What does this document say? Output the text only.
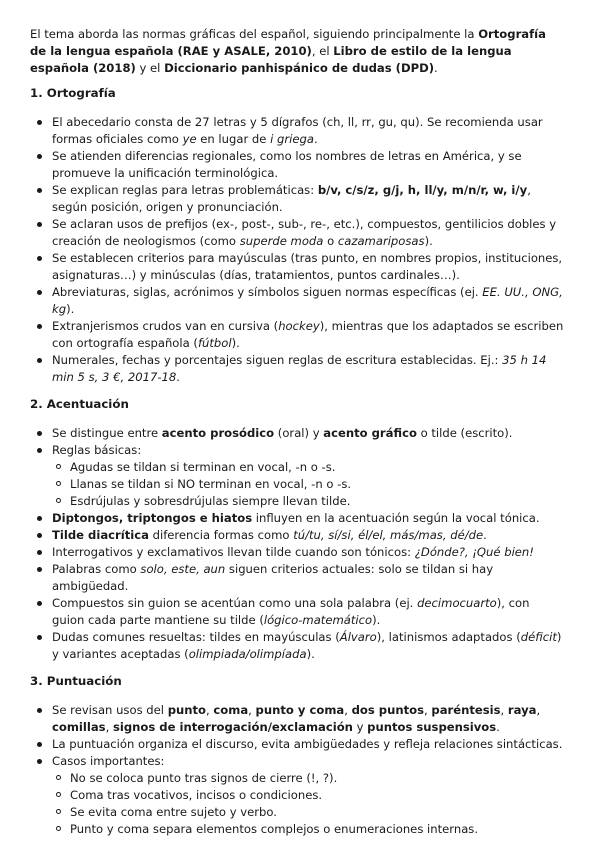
El tema aborda las normas gráficas del español, siguiendo principalmente la Ortografía de la lengua española (RAE y ASALE, 2010), el Libro de estilo de la lengua española (2018) y el Diccionario panhispánico de dudas (DPD).

1. Ortografía
El abecedario consta de 27 letras y 5 dígrafos (ch, ll, rr, gu, qu). Se recomienda usar formas oficiales como ye en lugar de i griega.
Se atienden diferencias regionales, como los nombres de letras en América, y se promueve la unificación terminológica.
Se explican reglas para letras problemáticas: b/v, c/s/z, g/j, h, ll/y, m/n/r, w, i/y, según posición, origen y pronunciación.
Se aclaran usos de prefijos (ex-, post-, sub-, re-, etc.), compuestos, gentilicios dobles y creación de neologismos (como superde moda o cazamariposas).
Se establecen criterios para mayúsculas (tras punto, en nombres propios, instituciones, asignaturas…) y minúsculas (días, tratamientos, puntos cardinales…).
Abreviaturas, siglas, acrónimos y símbolos siguen normas específicas (ej. EE. UU., ONG, kg).
Extranjerismos crudos van en cursiva (hockey), mientras que los adaptados se escriben con ortografía española (fútbol).
Numerales, fechas y porcentajes siguen reglas de escritura establecidas. Ej.: 35 h 14 min 5 s, 3 €, 2017-18.
2. Acentuación
Se distingue entre acento prosódico (oral) y acento gráfico o tilde (escrito).
Reglas básicas:
Agudas se tildan si terminan en vocal, -n o -s.
Llanas se tildan si NO terminan en vocal, -n o -s.
Esdrújulas y sobresdrújulas siempre llevan tilde.
Diptongos, triptongos e hiatos influyen en la acentuación según la vocal tónica.
Tilde diacrítica diferencia formas como tú/tu, sí/si, él/el, más/mas, dé/de.
Interrogativos y exclamativos llevan tilde cuando son tónicos: ¿Dónde?, ¡Qué bien!
Palabras como solo, este, aun siguen criterios actuales: solo se tildan si hay ambigüedad.
Compuestos sin guion se acentúan como una sola palabra (ej. decimocuarto), con guion cada parte mantiene su tilde (lógico-matemático).
Dudas comunes resueltas: tildes en mayúsculas (Álvaro), latinismos adaptados (déficit) y variantes aceptadas (olimpiada/olimpíada).
3. Puntuación
Se revisan usos del punto, coma, punto y coma, dos puntos, paréntesis, raya, comillas, signos de interrogación/exclamación y puntos suspensivos.
La puntuación organiza el discurso, evita ambigüedades y refleja relaciones sintácticas.
Casos importantes:
No se coloca punto tras signos de cierre (!, ?).
Coma tras vocativos, incisos o condiciones.
Se evita coma entre sujeto y verbo.
Punto y coma separa elementos complejos o enumeraciones internas.
